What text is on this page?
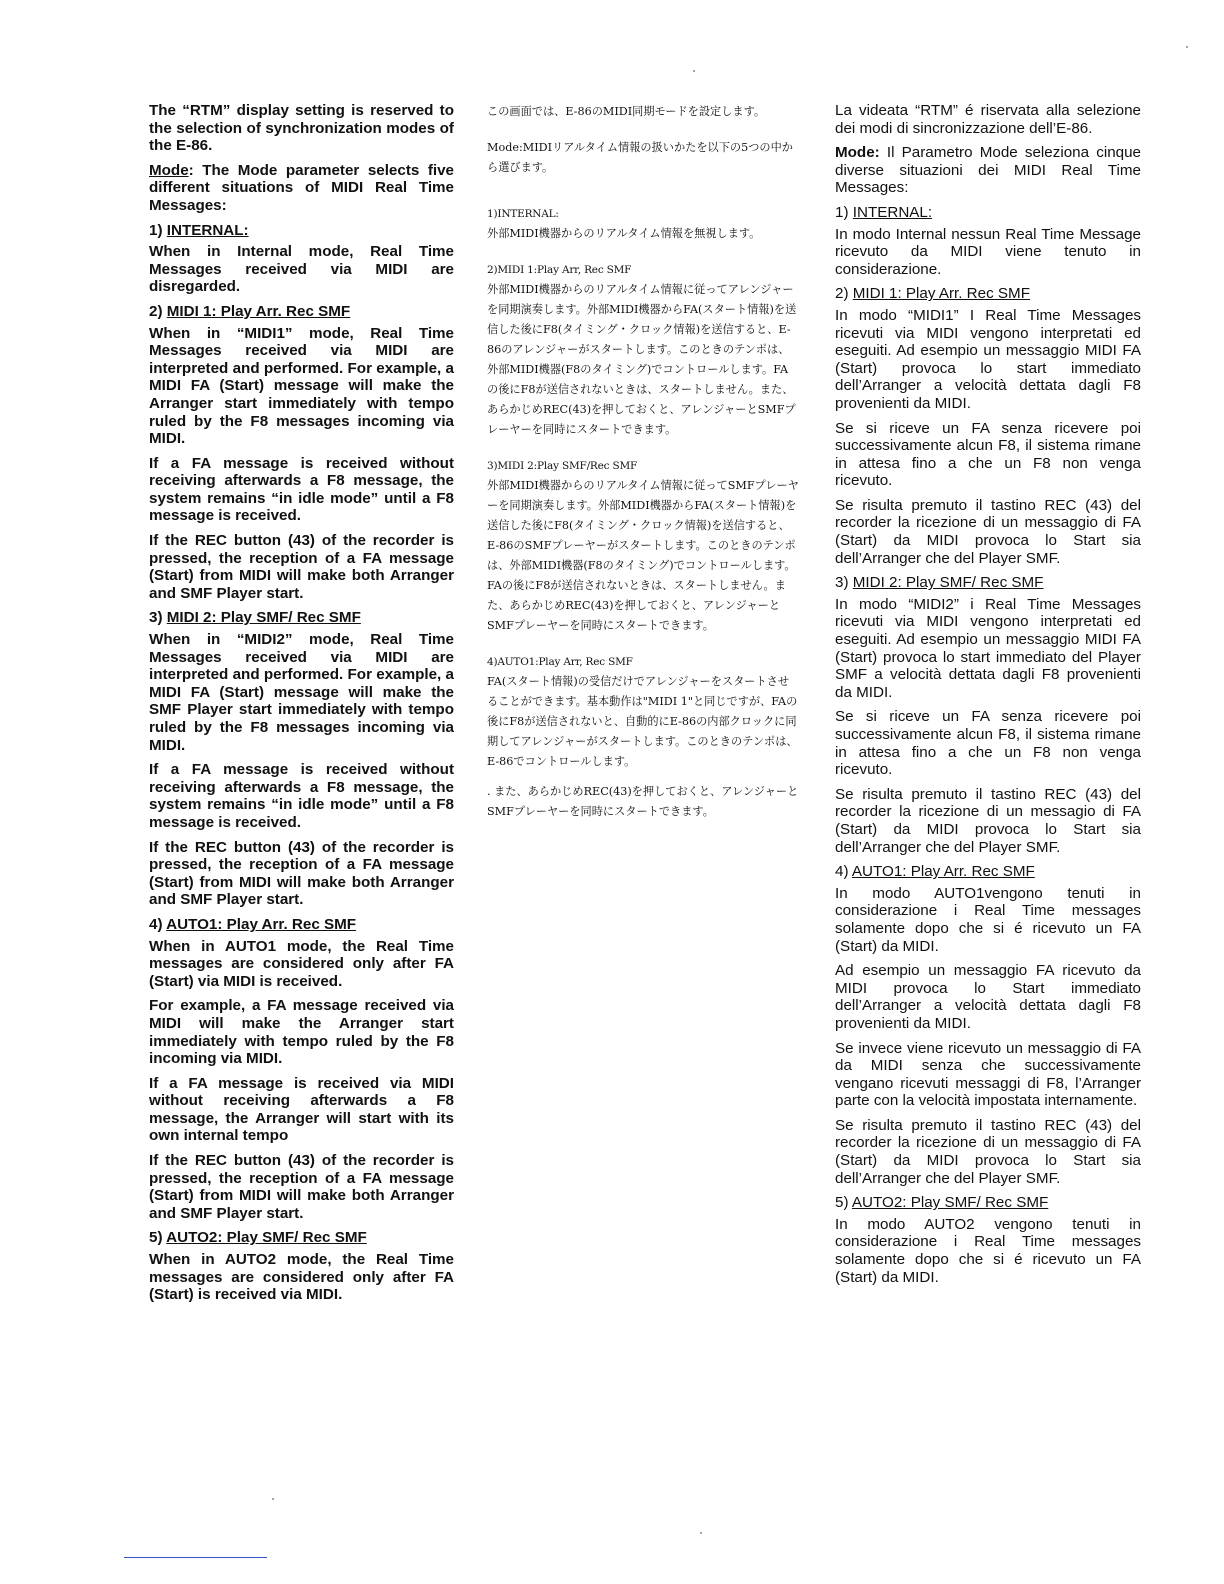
The “RTM” display setting is reserved to the selection of synchronization modes of the E-86.

Mode: The Mode parameter selects five different situations of MIDI Real Time Messages:

1) INTERNAL:

When in Internal mode, Real Time Messages received via MIDI are disregarded.

2) MIDI 1: Play Arr. Rec SMF

When in “MIDI1” mode, Real Time Messages received via MIDI are interpreted and performed. For example, a MIDI FA (Start) message will make the Arranger start immediately with tempo ruled by the F8 messages incoming via MIDI.

If a FA message is received without receiving afterwards a F8 message, the system remains “in idle mode” until a F8 message is received.

If the REC button (43) of the recorder is pressed, the reception of a FA message (Start) from MIDI will make both Arranger and SMF Player start.

3) MIDI 2: Play SMF/ Rec SMF

When in “MIDI2” mode, Real Time Messages received via MIDI are interpreted and performed. For example, a MIDI FA (Start) message will make the SMF Player start immediately with tempo ruled by the F8 messages incoming via MIDI.

If a FA message is received without receiving afterwards a F8 message, the system remains “in idle mode” until a F8 message is received.

If the REC button (43) of the recorder is pressed, the reception of a FA message (Start) from MIDI will make both Arranger and SMF Player start.

4) AUTO1: Play Arr. Rec SMF

When in AUTO1 mode, the Real Time messages are considered only after FA (Start) via MIDI is received.

For example, a FA message received via MIDI will make the Arranger start immediately with tempo ruled by the F8 incoming via MIDI.

If a FA message is received via MIDI without receiving afterwards a F8 message, the Arranger will start with its own internal tempo

If the REC button (43) of the recorder is pressed, the reception of a FA message (Start) from MIDI will make both Arranger and SMF Player start.

5) AUTO2: Play SMF/ Rec SMF

When in AUTO2 mode, the Real Time messages are considered only after FA (Start) is received via MIDI.

この画面では、E-86のMIDI同期モードを設定します。

Mode:MIDIリアルタイム情報の扱いかたを以下の5つの中から選びます。

1)INTERNAL:

外部MIDI機器からのリアルタイム情報を無視します。

2)MIDI 1:Play Arr, Rec SMF

外部MIDI機器からのリアルタイム情報に従ってアレンジャーを同期演奏します。外部MIDI機器からFA(スタート情報)を送信した後にF8(タイミング・クロック情報)を送信すると、E-86のアレンジャーがスタートします。このときのテンポは、外部MIDI機器(F8のタイミング)でコントロールします。FAの後にF8が送信されないときは、スタートしません。また、あらかじめREC(43)を押しておくと、アレンジャーとSMFプレーヤーを同時にスタートできます。

3)MIDI 2:Play SMF/Rec SMF

外部MIDI機器からのリアルタイム情報に従ってSMFプレーヤーを同期演奏します。外部MIDI機器からFA(スタート情報)を送信した後にF8(タイミング・クロック情報)を送信すると、E-86のSMFプレーヤーがスタートします。このときのテンポは、外部MIDI機器(F8のタイミング)でコントロールします。FAの後にF8が送信されないときは、スタートしません。また、あらかじめREC(43)を押しておくと、アレンジャーとSMFプレーヤーを同時にスタートできます。

4)AUTO1:Play Arr, Rec SMF

FA(スタート情報)の受信だけでアレンジャーをスタートさせることができます。基本動作は"MIDI 1"と同じですが、FAの後にF8が送信されないと、自動的にE-86の内部クロックに同期してアレンジャーがスタートします。このときのテンポは、E-86でコントロールします。

. また、あらかじめREC(43)を押しておくと、アレンジャーとSMFプレーヤーを同時にスタートできます。

La videata “RTM” é riservata alla selezione dei modi di sincronizzazione dell’E-86.

Mode: Il Parametro Mode seleziona cinque diverse situazioni dei MIDI Real Time Messages:

1) INTERNAL:

In modo Internal nessun Real Time Message ricevuto da MIDI viene tenuto in considerazione.

2) MIDI 1: Play Arr. Rec SMF

In modo “MIDI1” I Real Time Messages ricevuti via MIDI vengono interpretati ed eseguiti. Ad esempio un messaggio MIDI FA (Start) provoca lo start immediato dell’Arranger a velocità dettata dagli F8 provenienti da MIDI.

Se si riceve un FA senza ricevere poi successivamente alcun F8, il sistema rimane in attesa fino a che un F8 non venga ricevuto.

Se risulta premuto il tastino REC (43) del recorder la ricezione di un messaggio di FA (Start) da MIDI provoca lo Start sia dell’Arranger che del Player SMF.

3) MIDI 2: Play SMF/ Rec SMF

In modo “MIDI2” i Real Time Messages ricevuti via MIDI vengono interpretati ed eseguiti. Ad esempio un messaggio MIDI FA (Start) provoca lo start immediato del Player SMF a velocità dettata dagli F8 provenienti da MIDI.

Se si riceve un FA senza ricevere poi successivamente alcun F8, il sistema rimane in attesa fino a che un F8 non venga ricevuto.

Se risulta premuto il tastino REC (43) del recorder la ricezione di un messagio di FA (Start) da MIDI provoca lo Start sia dell’Arranger che del Player SMF.

4) AUTO1: Play Arr. Rec SMF

In modo AUTO1vengono tenuti in considerazione i Real Time messages solamente dopo che si é ricevuto un FA (Start) da MIDI.

Ad esempio un messaggio FA ricevuto da MIDI provoca lo Start immediato dell’Arranger a velocità dettata dagli F8 provenienti da MIDI.

Se invece viene ricevuto un messaggio di FA da MIDI senza che successivamente vengano ricevuti messaggi di F8, l’Arranger parte con la velocità impostata internamente.

Se risulta premuto il tastino REC (43) del recorder la ricezione di un messaggio di FA (Start) da MIDI provoca lo Start sia dell’Arranger che del Player SMF.

5) AUTO2: Play SMF/ Rec SMF

In modo AUTO2 vengono tenuti in considerazione i Real Time messages solamente dopo che si é ricevuto un FA (Start) da MIDI.
